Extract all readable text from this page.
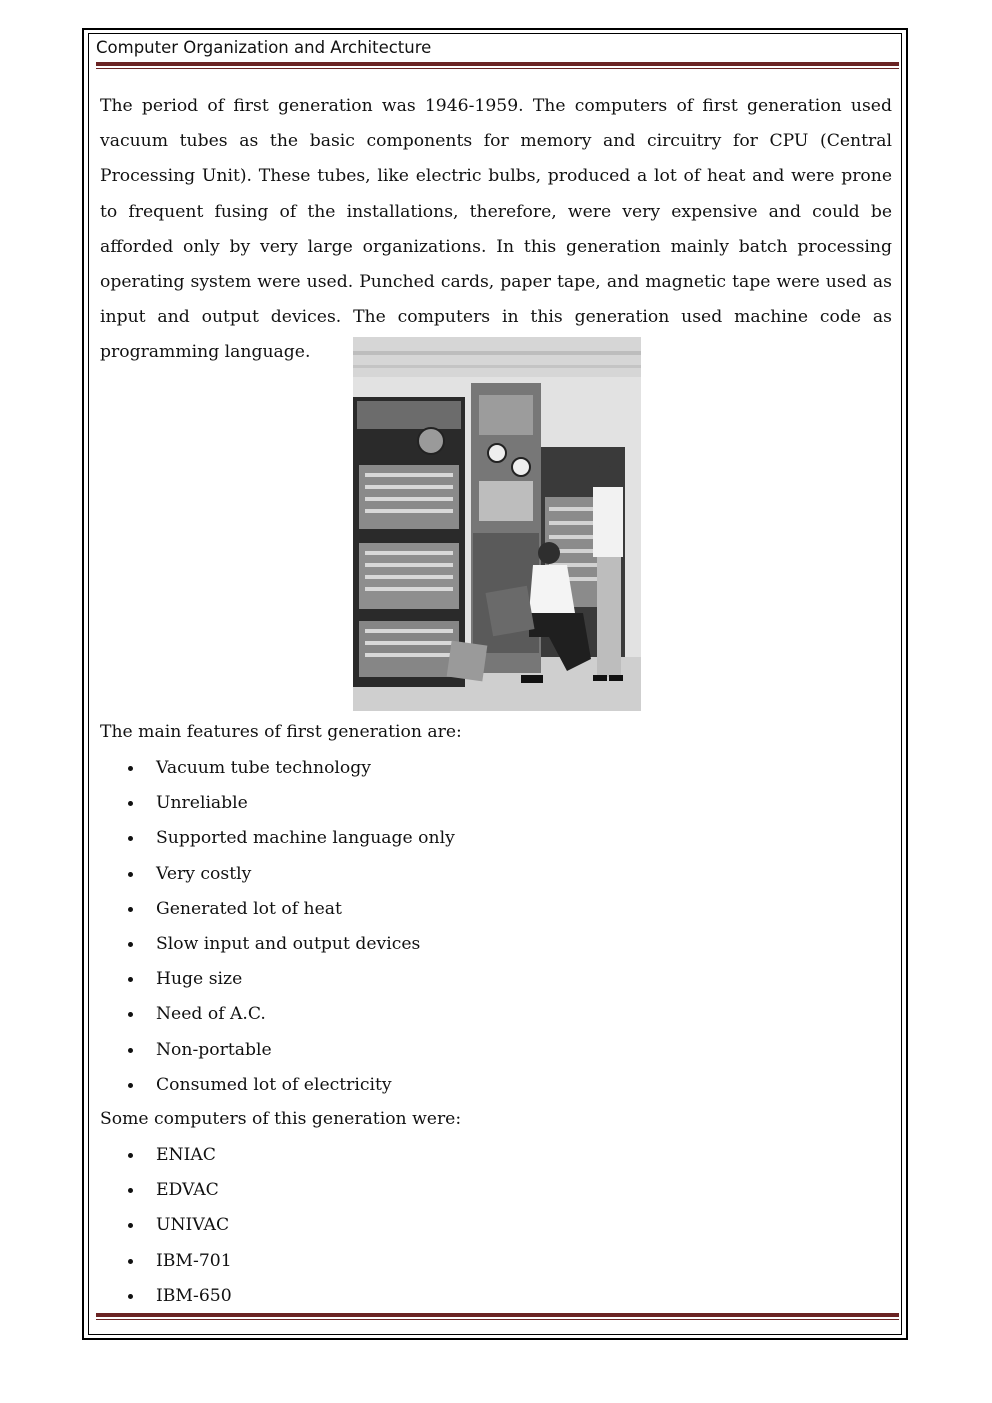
Computer Organization and Architecture

The period of first generation was 1946-1959. The computers of first generation used vacuum tubes as the basic components for memory and circuitry for CPU (Central Processing Unit). These tubes, like electric bulbs, produced a lot of heat and were prone to frequent fusing of the installations, therefore, were very expensive and could be afforded only by very large organizations. In this generation mainly batch processing operating system were used. Punched cards, paper tape, and magnetic tape were used as input and output devices. The computers in this generation used machine code as programming language.

The main features of first generation are:

Vacuum tube technology
Unreliable
Supported machine language only
Very costly
Generated lot of heat
Slow input and output devices
Huge size
Need of A.C.
Non-portable
Consumed lot of electricity

Some computers of this generation were:

ENIAC
EDVAC
UNIVAC
IBM-701
IBM-650
